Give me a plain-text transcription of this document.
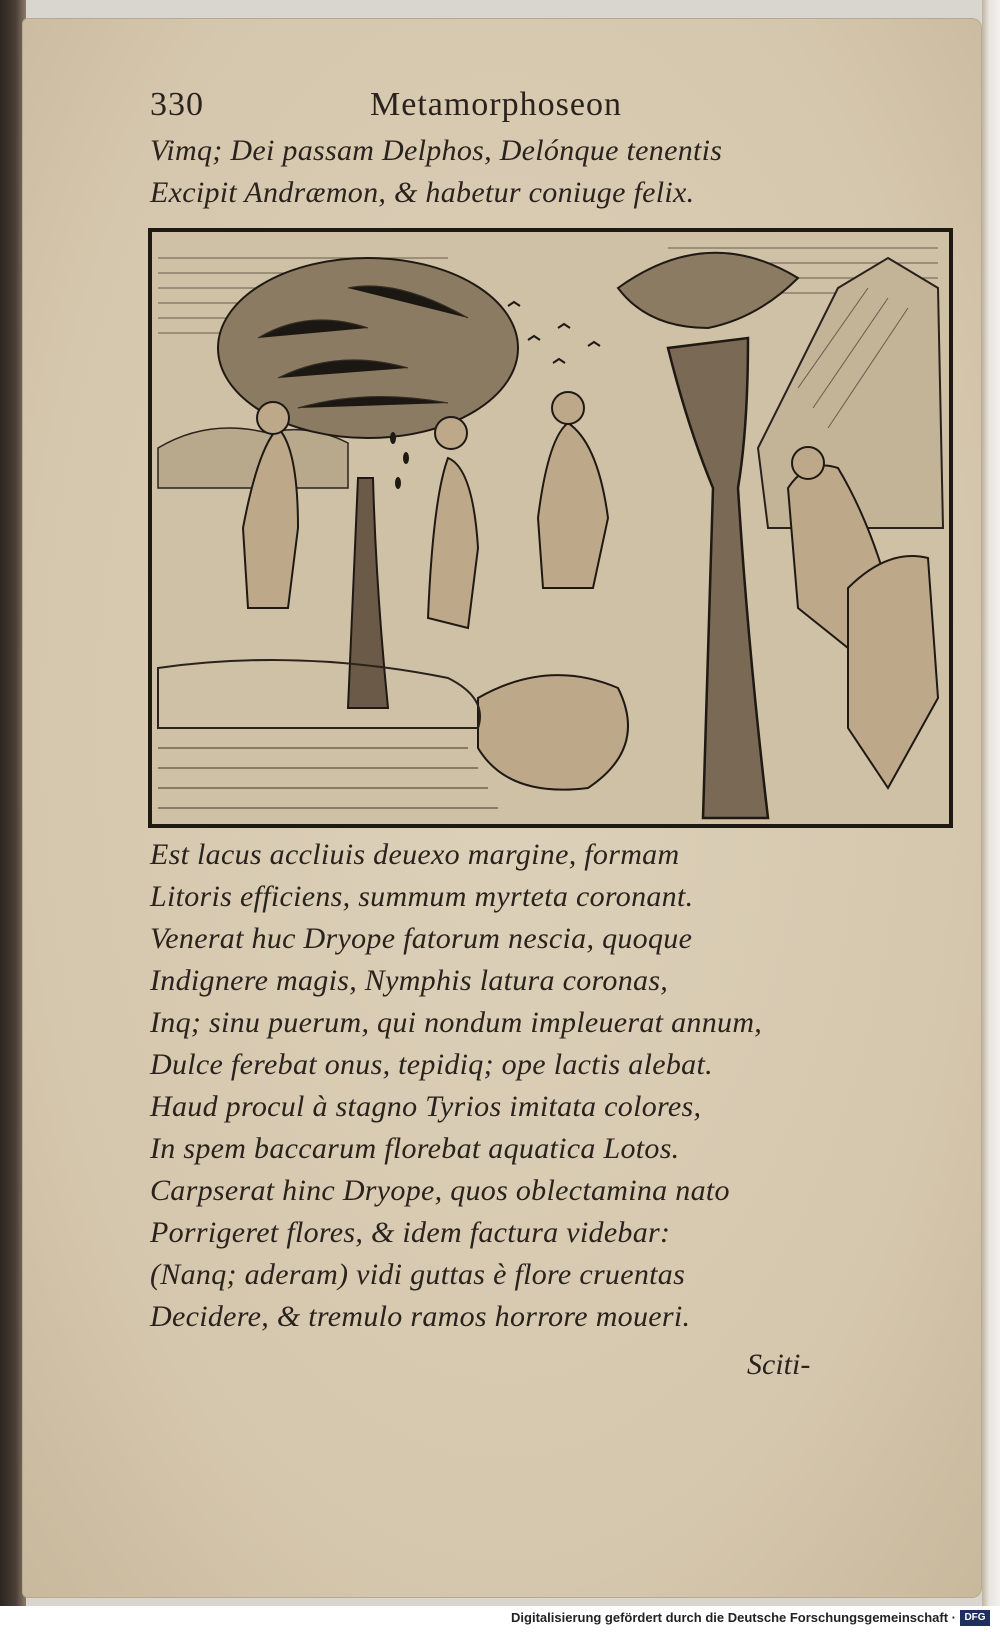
330	Metamorphoseon
Vimq; Dei passam Delphos, Delónque tenentis
Excipit Andræmon, & habetur coniuge felix.
Est lacus accliuis deuexo margine, formam
Litoris efficiens, summum myrteta coronant.
Venerat huc Dryope fatorum nescia, quoque
Indignere magis, Nymphis latura coronas,
Inq; sinu puerum, qui nondum impleuerat annum,
Dulce ferebat onus, tepidiq; ope lactis alebat.
Haud procul à stagno Tyrios imitata colores,
In spem baccarum florebat aquatica Lotos.
Carpserat hinc Dryope, quos oblectamina nato
Porrigeret flores, & idem factura videbar:
(Nanq; aderam) vidi guttas è flore cruentas
Decidere, & tremulo ramos horrore moueri.
Sciti-
Digitalisierung gefördert durch die Deutsche Forschungsgemeinschaft · DFG
